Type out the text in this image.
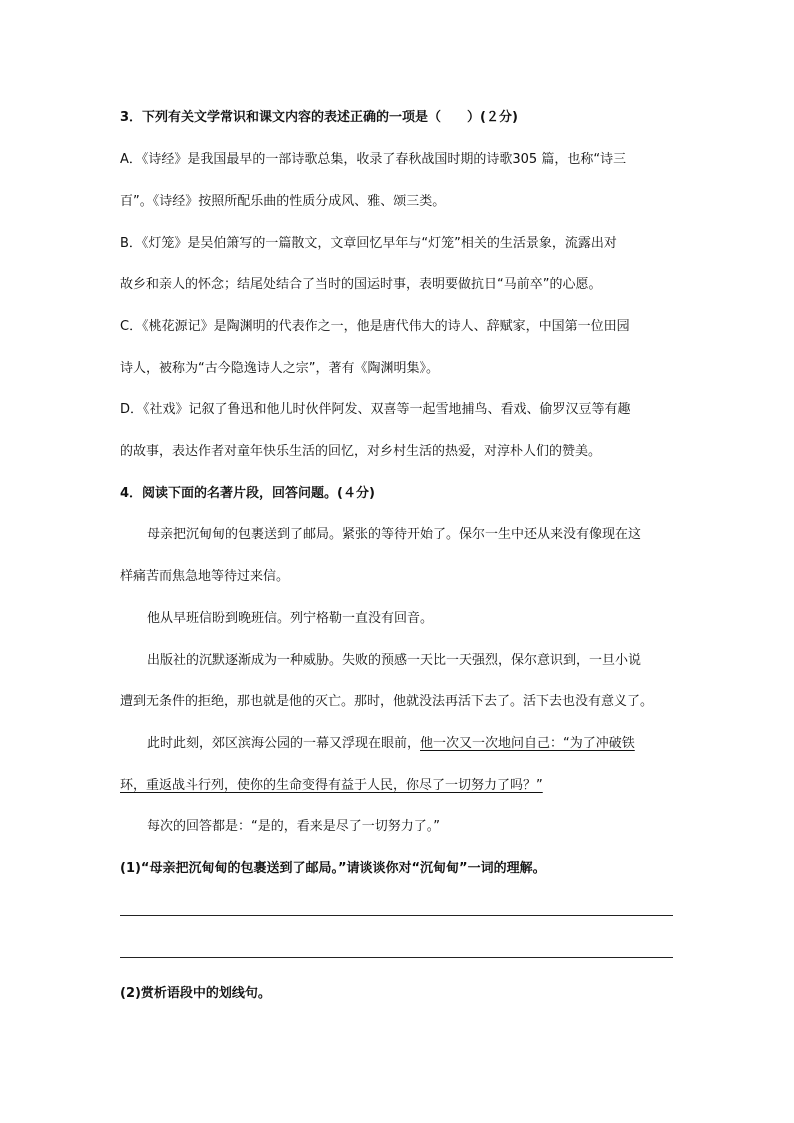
3．下列有关文学常识和课文内容的表述正确的一项是（　　）(２分)
A．《诗经》是我国最早的一部诗歌总集，收录了春秋战国时期的诗歌305 篇，也称“诗三
百”。《诗经》按照所配乐曲的性质分成风、雅、颂三类。
B．《灯笼》是吴伯箫写的一篇散文，文章回忆早年与“灯笼”相关的生活景象，流露出对
故乡和亲人的怀念；结尾处结合了当时的国运时事，表明要做抗日“马前卒”的心愿。
C．《桃花源记》是陶渊明的代表作之一，他是唐代伟大的诗人、辞赋家，中国第一位田园
诗人，被称为“古今隐逸诗人之宗”，著有《陶渊明集》。
D．《社戏》记叙了鲁迅和他儿时伙伴阿发、双喜等一起雪地捕鸟、看戏、偷罗汉豆等有趣
的故事，表达作者对童年快乐生活的回忆，对乡村生活的热爱，对淳朴人们的赞美。
4．阅读下面的名著片段，回答问题。(４分)
母亲把沉甸甸的包裹送到了邮局。紧张的等待开始了。保尔一生中还从来没有像现在这
样痛苦而焦急地等待过来信。
他从早班信盼到晚班信。列宁格勒一直没有回音。
出版社的沉默逐渐成为一种威胁。失败的预感一天比一天强烈，保尔意识到，一旦小说
遭到无条件的拒绝，那也就是他的灭亡。那时，他就没法再活下去了。活下去也没有意义了。
此时此刻，郊区滨海公园的一幕又浮现在眼前，他一次又一次地问自己：“为了冲破铁
环，重返战斗行列，使你的生命变得有益于人民，你尽了一切努力了吗？”
每次的回答都是：“是的，看来是尽了一切努力了。”
(1)“母亲把沉甸甸的包裹送到了邮局。”请谈谈你对“沉甸甸”一词的理解。
(2)赏析语段中的划线句。
